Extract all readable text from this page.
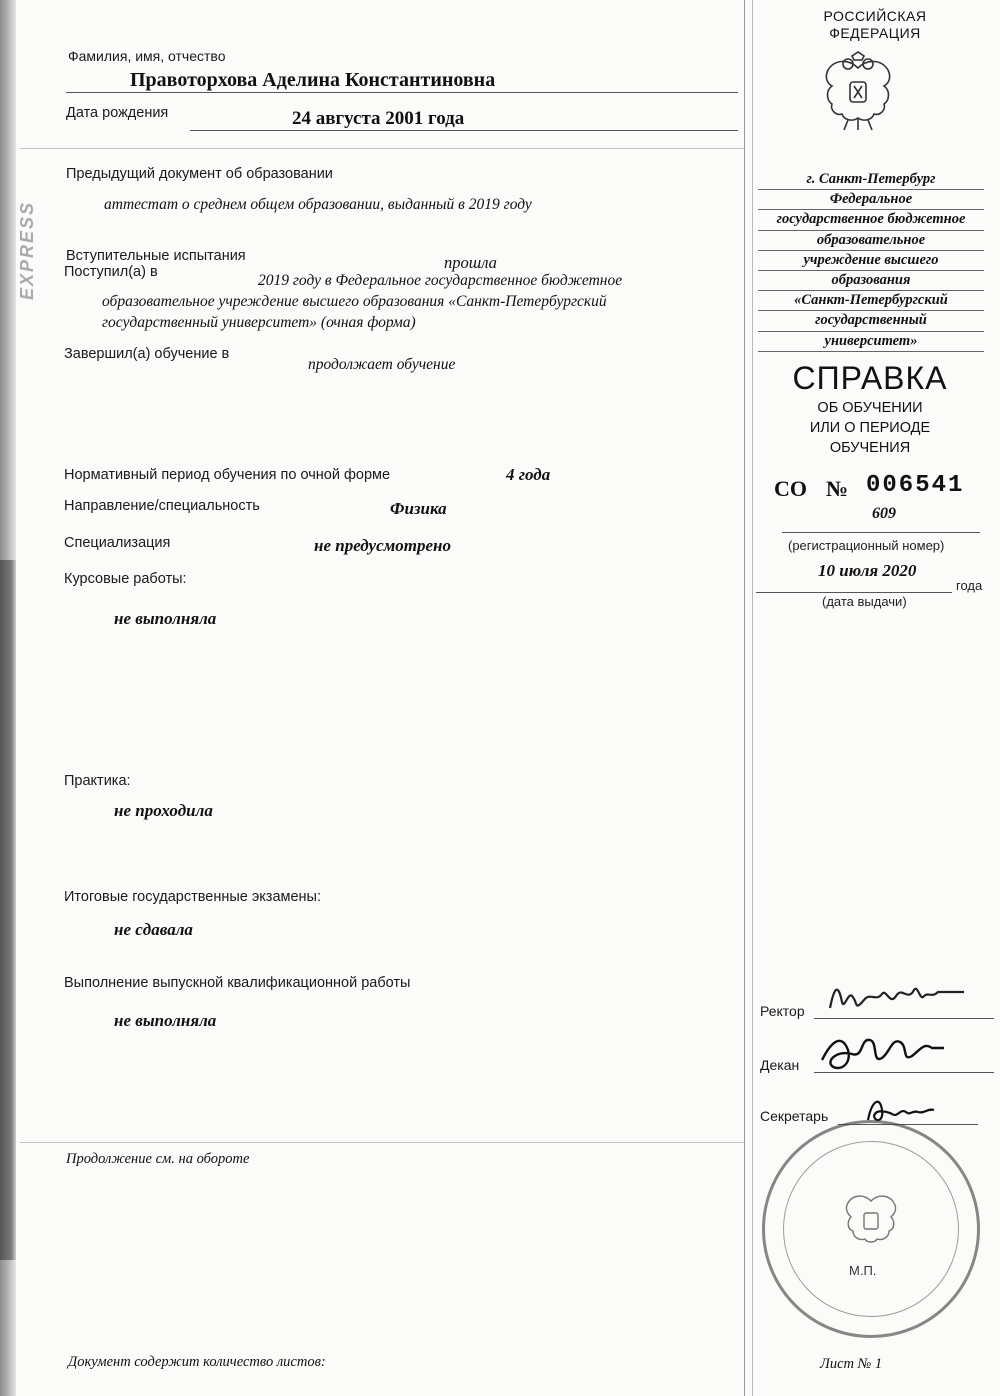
EXPRESS
Фамилия, имя, отчество
Правоторхова Аделина Константиновна
Дата рождения	24 августа 2001 года
Предыдущий документ об образовании
аттестат о среднем общем образовании, выданный в 2019 году
Вступительные испытания	прошла
Поступил(а) в	2019 году в Федеральное государственное бюджетное
образовательное учреждение высшего образования «Санкт-Петербургский
государственный университет» (очная форма)
Завершил(а) обучение в
продолжает обучение
Нормативный период обучения по очной форме	4 года
Направление/специальность	Физика
Специализация	не предусмотрено
Курсовые работы:
не выполняла
Практика:
не проходила
Итоговые государственные экзамены:
не сдавала
Выполнение выпускной квалификационной работы
не выполняла
Продолжение см. на обороте
Документ содержит количество листов:
РОССИЙСКАЯ
ФЕДЕРАЦИЯ
г. Санкт-Петербург
Федеральное
государственное бюджетное
образовательное
учреждение высшего
образования
«Санкт-Петербургский
государственный
университет»
СПРАВКА
ОБ ОБУЧЕНИИ
ИЛИ О ПЕРИОДЕ
ОБУЧЕНИЯ
СО № 006541
609
(регистрационный номер)
10 июля 2020
года
(дата выдачи)
Ректор
Декан
Секретарь
М.П.
Лист № 1
